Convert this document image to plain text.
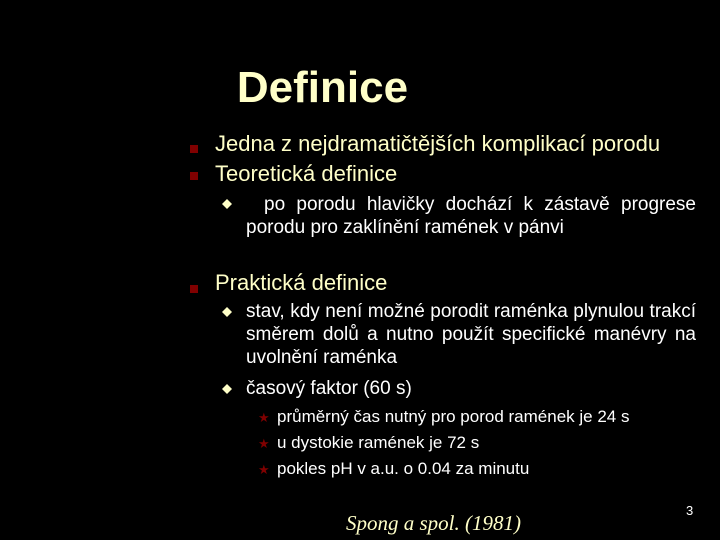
Definice
Jedna z nejdramatičtějších komplikací porodu
Teoretická definice
po porodu hlavičky dochází k zástavě progrese porodu pro zaklínění ramének v pánvi
Praktická definice
stav, kdy není možné porodit raménka plynulou trakcí směrem dolů a nutno použít specifické manévry na uvolnění raménka
časový faktor (60 s)
★ průměrný čas nutný pro porod ramének je 24 s
★ u dystokie ramének je 72 s
★ pokles pH v a.u. o 0.04 za minutu
Spong a spol. (1981)
3
